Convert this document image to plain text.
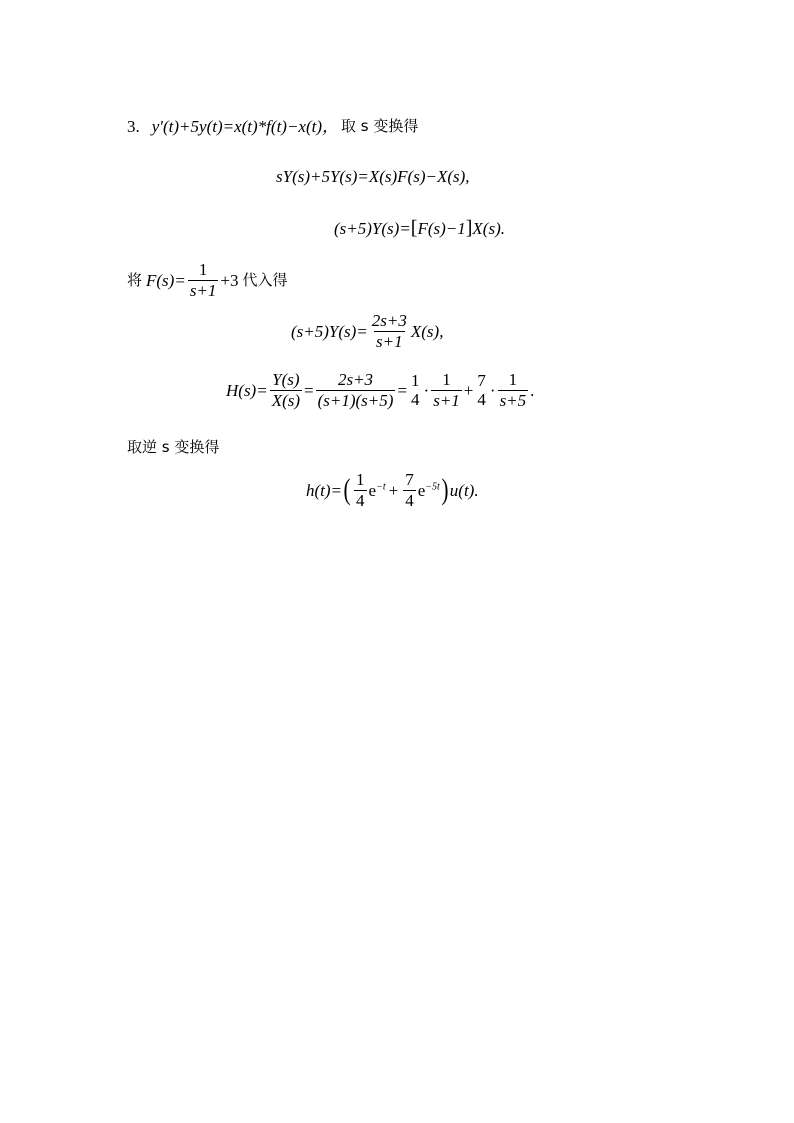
3. y′(t)+5y(t)=x(t)*f(t)−x(t)， 取 s 变换得
sY(s)+5Y(s)=X(s)F(s)−X(s),
(s+5)Y(s)= [ F(s)−1 ] X(s).
将 $F(s)= \frac{1}{s+1} +3$ 代入得
$(s+5)Y(s)= \frac{2s+3}{s+1} X(s)$,
$H(s)= \frac{Y(s)}{X(s)} = \frac{2s+3}{(s+1)(s+5)}$ =
1
$4 \cdot \frac{1}{s+1}$ +
7
$4 \cdot \frac{1}{s+5}$ .
取逆 s 变换得
h(t)= ( $\frac{1}{4} e^{-t} + \frac{7}{4} e^{-5t}$ ) u(t).
